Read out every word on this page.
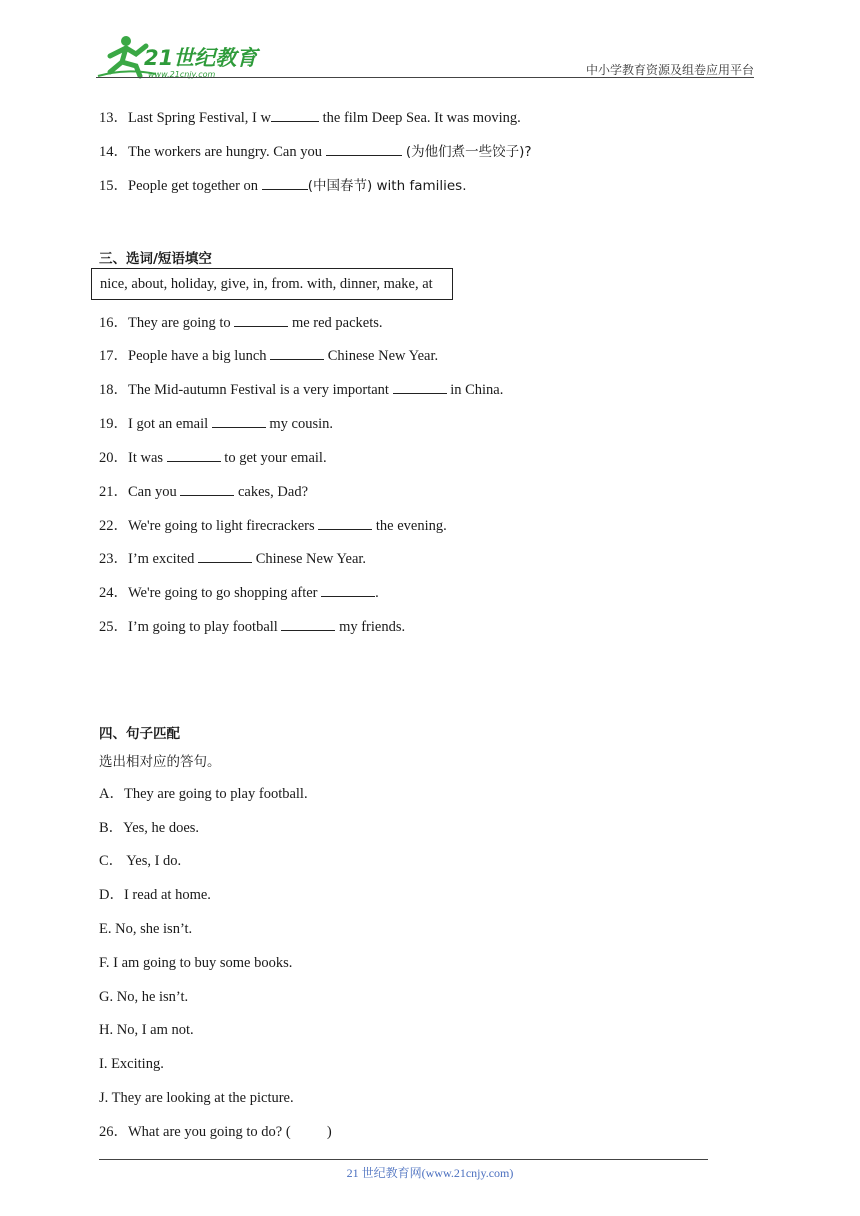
21世纪教育
www.21cnjy.com	中小学教育资源及组卷应用平台
13．Last Spring Festival, I w	the film Deep Sea. It was moving.
14．The workers are hungry. Can you	(为他们煮一些饺子)?
15．People get together on	(中国春节) with families.
三、选词/短语填空
nice, about, holiday, give, in, from. with, dinner, make, at
16．They are going to	me red packets.
17．People have a big lunch	Chinese New Year.
18．The Mid-autumn Festival is a very important	in China.
19．I got an email	my cousin.
20．It was	to get your email.
21．Can you	cakes, Dad?
22．We're going to light firecrackers	the evening.
23．I’m excited	Chinese New Year.
24．We're going to go shopping after	.
25．I’m going to play football	my friends.
四、句子匹配
选出相对应的答句。
A．They are going to play football.
B．Yes, he does.
C． Yes, I do.
D．I read at home.
E. No, she isn’t.
F. I am going to buy some books.
G. No, he isn’t.
H. No, I am not.
I. Exciting.
J. They are looking at the picture.
26．What are you going to do? (          )
21 世纪教育网(www.21cnjy.com)
